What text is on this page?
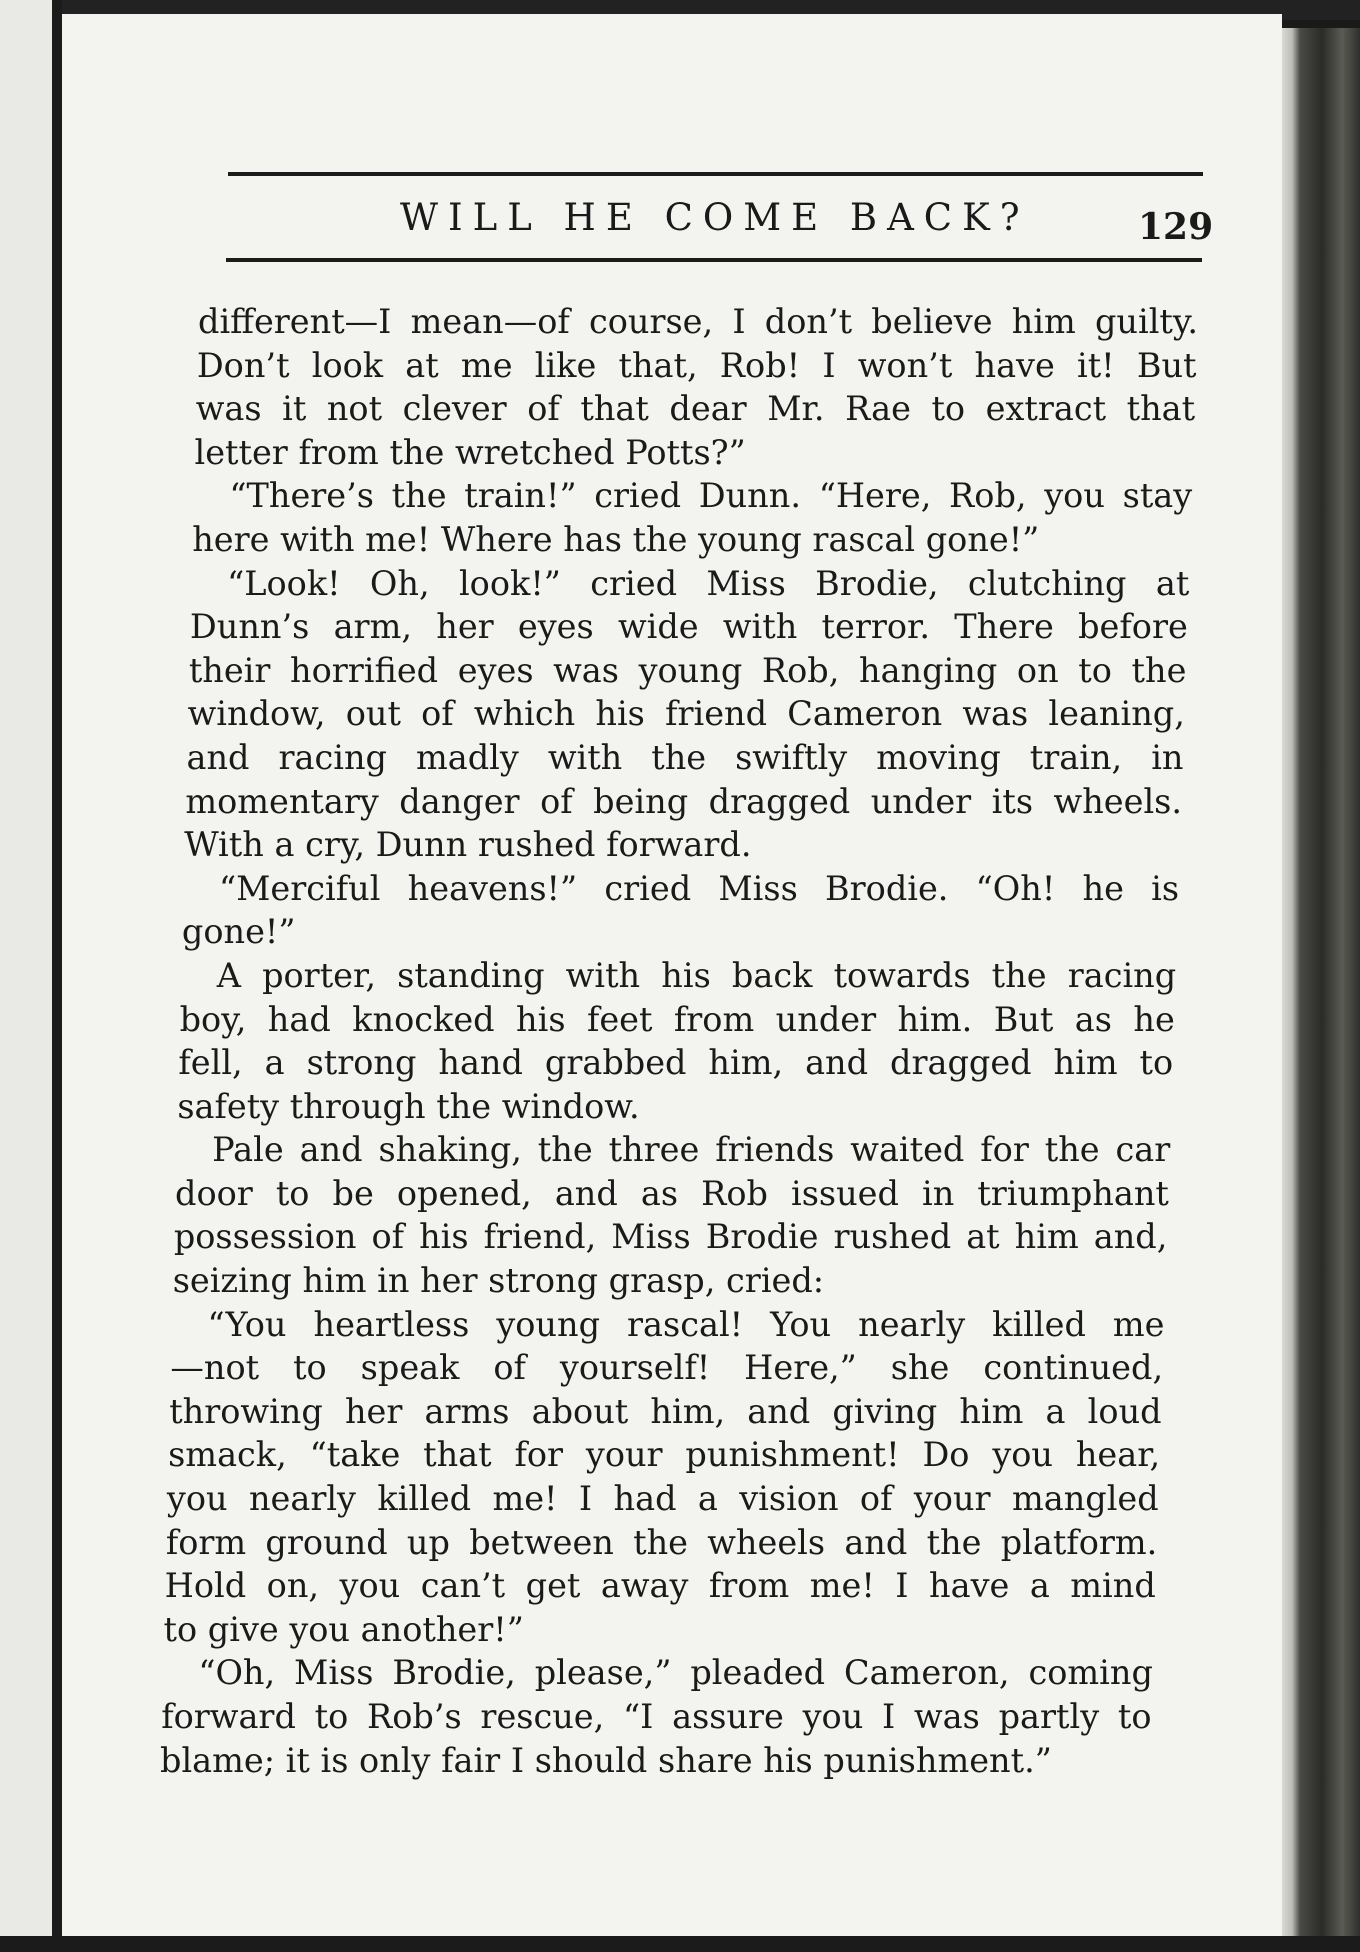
WILL HE COME BACK?	129
different—I mean—of course, I don’t believe him guilty.
Don’t look at me like that, Rob! I won’t have it! But
was it not clever of that dear Mr. Rae to extract that
letter from the wretched Potts?”
“There’s the train!” cried Dunn. “Here, Rob, you stay
here with me! Where has the young rascal gone!”
“Look! Oh, look!” cried Miss Brodie, clutching at
Dunn’s arm, her eyes wide with terror. There before
their horrified eyes was young Rob, hanging on to the
window, out of which his friend Cameron was leaning,
and racing madly with the swiftly moving train, in
momentary danger of being dragged under its wheels.
With a cry, Dunn rushed forward.
“Merciful heavens!” cried Miss Brodie. “Oh! he is
gone!”
A porter, standing with his back towards the racing
boy, had knocked his feet from under him. But as he
fell, a strong hand grabbed him, and dragged him to
safety through the window.
Pale and shaking, the three friends waited for the car
door to be opened, and as Rob issued in triumphant
possession of his friend, Miss Brodie rushed at him and,
seizing him in her strong grasp, cried:
“You heartless young rascal! You nearly killed me
—not to speak of yourself! Here,” she continued,
throwing her arms about him, and giving him a loud
smack, “take that for your punishment! Do you hear,
you nearly killed me! I had a vision of your mangled
form ground up between the wheels and the platform.
Hold on, you can’t get away from me! I have a mind
to give you another!”
“Oh, Miss Brodie, please,” pleaded Cameron, coming
forward to Rob’s rescue, “I assure you I was partly to
blame; it is only fair I should share his punishment.”
